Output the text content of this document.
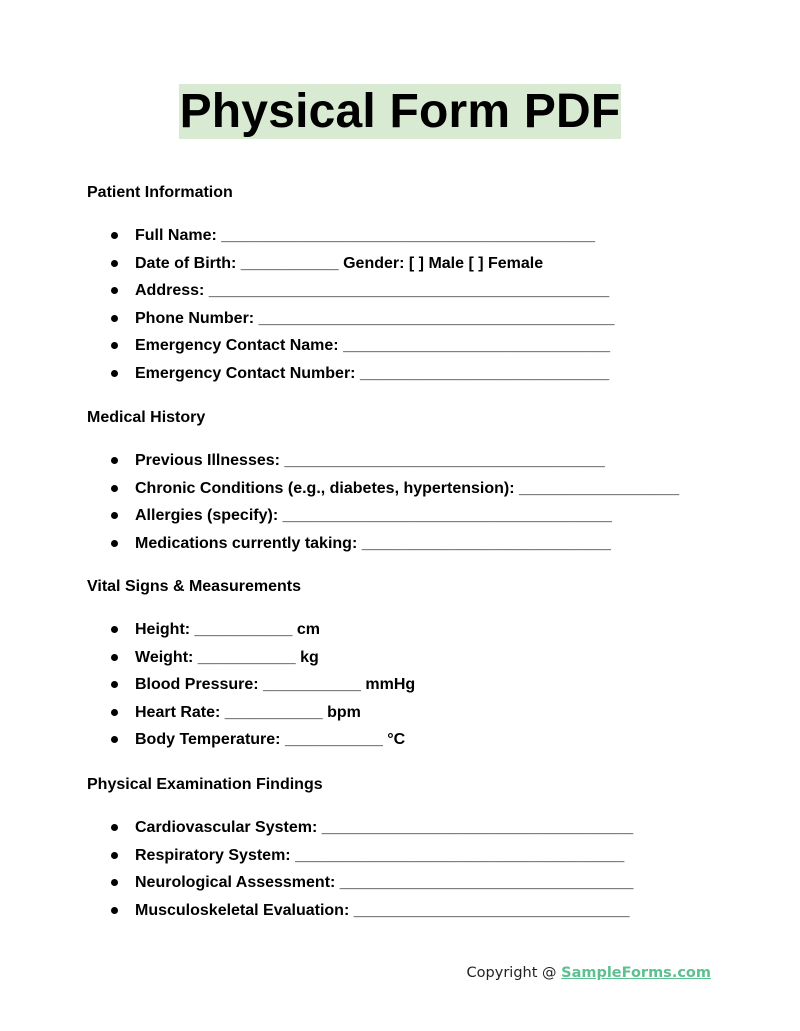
Physical Form PDF
Patient Information
Full Name: __________________________________________
Date of Birth: ___________ Gender: [ ] Male [ ] Female
Address: _____________________________________________
Phone Number: ________________________________________
Emergency Contact Name: ______________________________
Emergency Contact Number: ____________________________
Medical History
Previous Illnesses: ____________________________________
Chronic Conditions (e.g., diabetes, hypertension): __________________
Allergies (specify): _____________________________________
Medications currently taking: ____________________________
Vital Signs & Measurements
Height: ___________ cm
Weight: ___________ kg
Blood Pressure: ___________ mmHg
Heart Rate: ___________ bpm
Body Temperature: ___________ °C
Physical Examination Findings
Cardiovascular System: ___________________________________
Respiratory System: _____________________________________
Neurological Assessment: _________________________________
Musculoskeletal Evaluation: _______________________________
Copyright @ SampleForms.com
